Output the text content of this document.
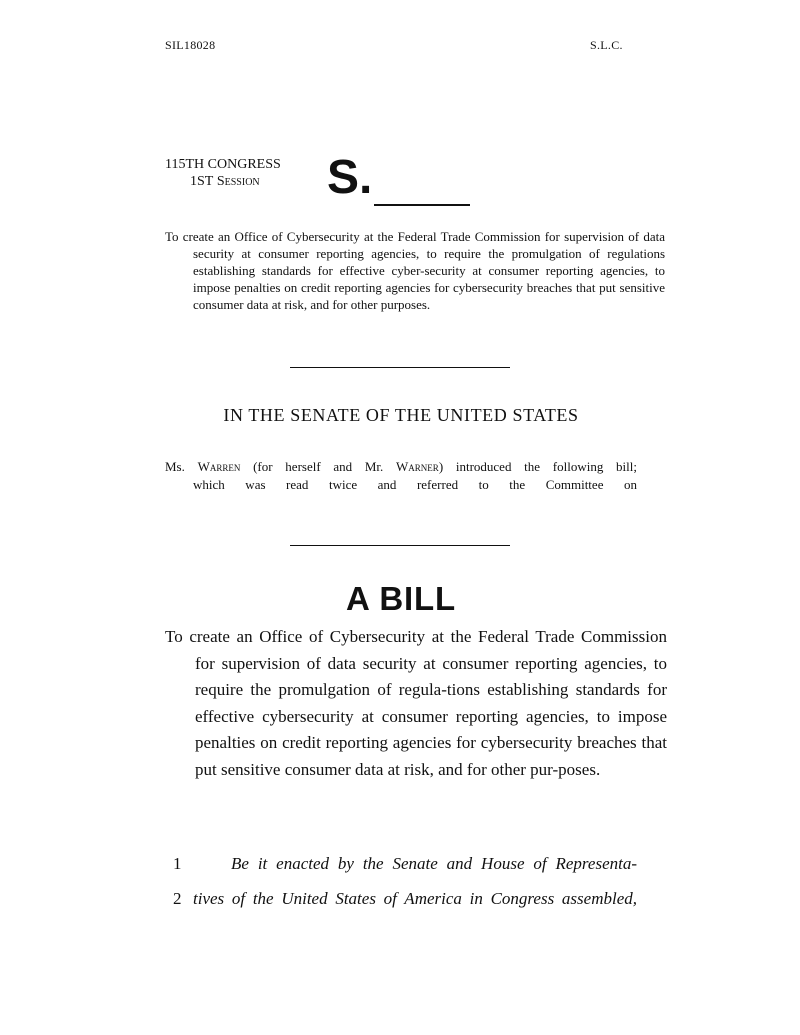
SIL18028	S.L.C.
115TH CONGRESS
1ST Session	S.
To create an Office of Cybersecurity at the Federal Trade Commission for supervision of data security at consumer reporting agencies, to require the promulgation of regulations establishing standards for effective cyber-security at consumer reporting agencies, to impose penalties on credit reporting agencies for cybersecurity breaches that put sensitive consumer data at risk, and for other purposes.
IN THE SENATE OF THE UNITED STATES
Ms. Warren (for herself and Mr. Warner) introduced the following bill;
which was read twice and referred to the Committee on
A BILL
To create an Office of Cybersecurity at the Federal Trade Commission for supervision of data security at consumer reporting agencies, to require the promulgation of regula-tions establishing standards for effective cybersecurity at consumer reporting agencies, to impose penalties on credit reporting agencies for cybersecurity breaches that put sensitive consumer data at risk, and for other pur-poses.
1	Be it enacted by the Senate and House of Representa-
2 tives of the United States of America in Congress assembled,
